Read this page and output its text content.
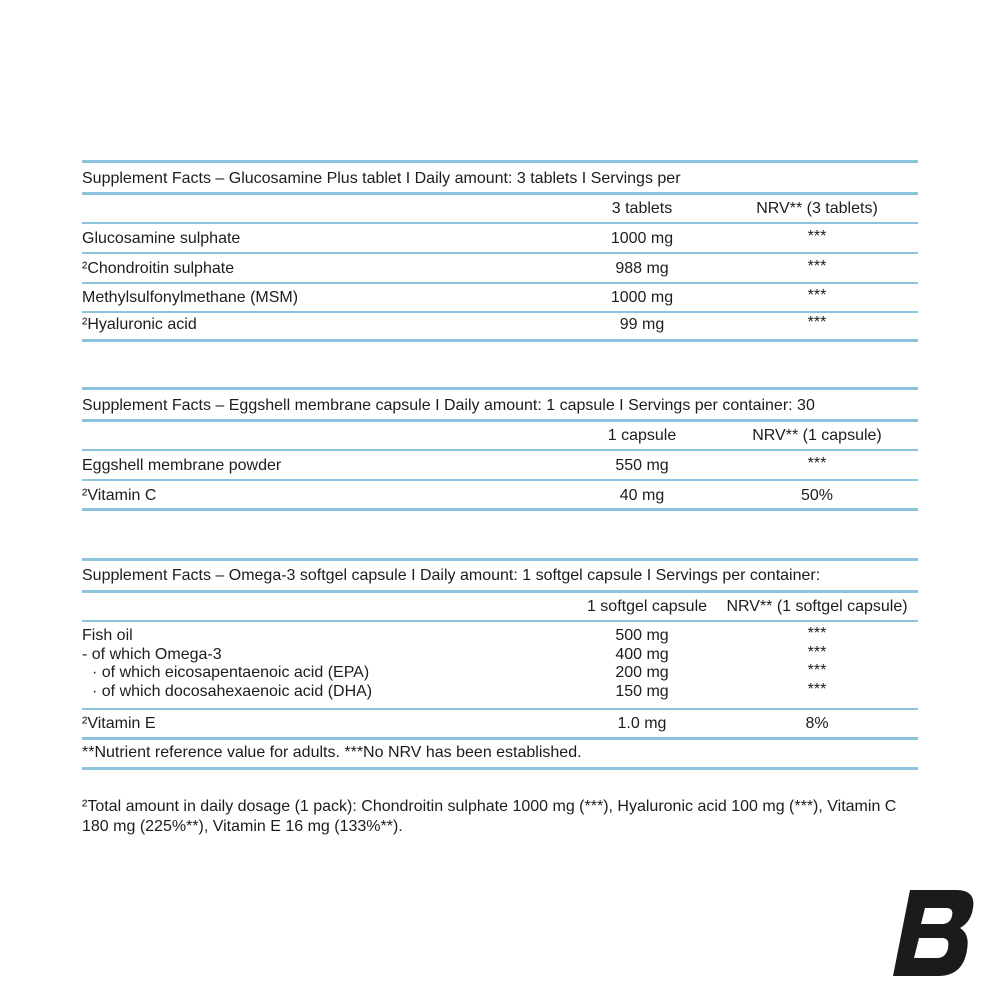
Supplement Facts – Glucosamine Plus tablet I Daily amount: 3 tablets I Servings per
3 tablets	NRV** (3 tablets)
Glucosamine sulphate	1000 mg	***
²Chondroitin sulphate	988 mg	***
Methylsulfonylmethane (MSM)	1000 mg	***
²Hyaluronic acid	99 mg	***
Supplement Facts – Eggshell membrane capsule I Daily amount: 1 capsule I Servings per container: 30
1 capsule	NRV** (1 capsule)
Eggshell membrane powder	550 mg	***
²Vitamin C	40 mg	50%
Supplement Facts – Omega-3 softgel capsule I Daily amount: 1 softgel capsule I Servings per container:
1 softgel capsule	NRV** (1 softgel capsule)
Fish oil	500 mg	***
- of which Omega-3	400 mg	***
· of which eicosapentaenoic acid (EPA)	200 mg	***
· of which docosahexaenoic acid (DHA)	150 mg	***
²Vitamin E	1.0 mg	8%
**Nutrient reference value for adults. ***No NRV has been established.
²Total amount in daily dosage (1 pack): Chondroitin sulphate 1000 mg (***), Hyaluronic acid 100 mg (***), Vitamin C 180 mg (225%**), Vitamin E 16 mg (133%**).
